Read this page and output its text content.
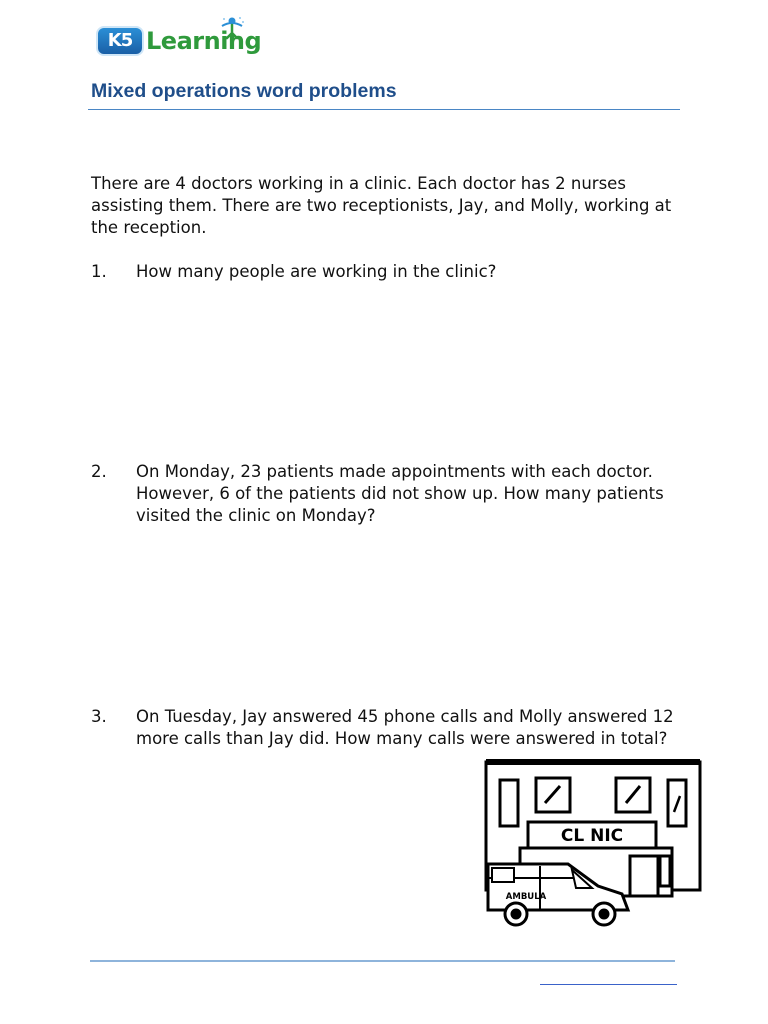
K5 Learning
Mixed operations word problems
There are 4 doctors working in a clinic. Each doctor has 2 nurses assisting them. There are two receptionists, Jay, and Molly, working at the reception.
1.	How many people are working in the clinic?
2.	On Monday, 23 patients made appointments with each doctor. However, 6 of the patients did not show up. How many patients visited the clinic on Monday?
3.	On Tuesday, Jay answered 45 phone calls and Molly answered 12 more calls than Jay did. How many calls were answered in total?
CL NIC
AMBULA
